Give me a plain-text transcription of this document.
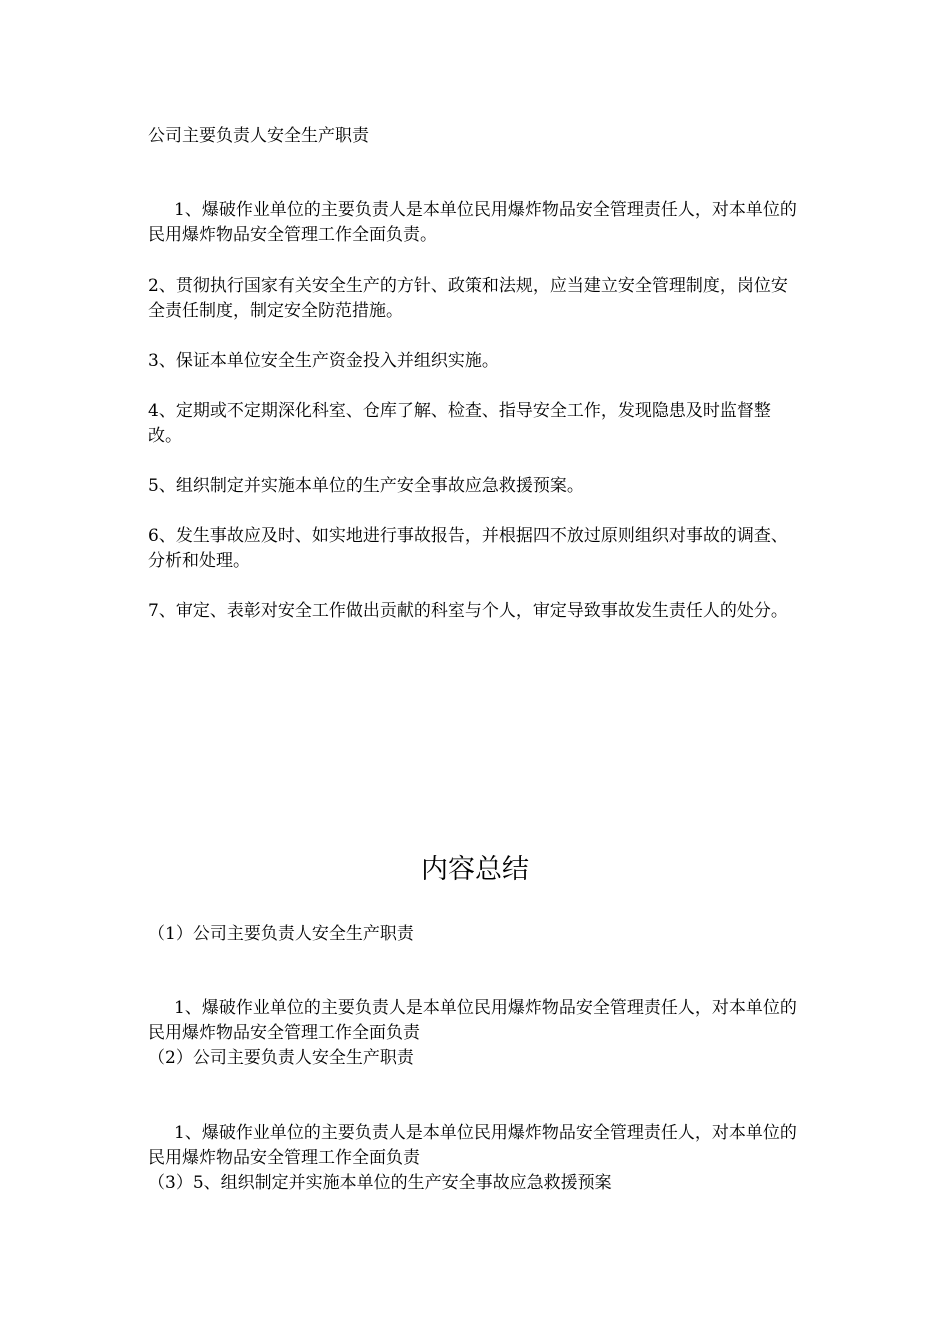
公司主要负责人安全生产职责
1、爆破作业单位的主要负责人是本单位民用爆炸物品安全管理责任人，对本单位的民用爆炸物品安全管理工作全面负责。
2、贯彻执行国家有关安全生产的方针、政策和法规，应当建立安全管理制度，岗位安全责任制度，制定安全防范措施。
3、保证本单位安全生产资金投入并组织实施。
4、定期或不定期深化科室、仓库了解、检查、指导安全工作，发现隐患及时监督整改。
5、组织制定并实施本单位的生产安全事故应急救援预案。
6、发生事故应及时、如实地进行事故报告，并根据四不放过原则组织对事故的调查、分析和处理。
7、审定、表彰对安全工作做出贡献的科室与个人，审定导致事故发生责任人的处分。
内容总结
（1）公司主要负责人安全生产职责
1、爆破作业单位的主要负责人是本单位民用爆炸物品安全管理责任人，对本单位的民用爆炸物品安全管理工作全面负责
（2）公司主要负责人安全生产职责
1、爆破作业单位的主要负责人是本单位民用爆炸物品安全管理责任人，对本单位的民用爆炸物品安全管理工作全面负责
（3）5、组织制定并实施本单位的生产安全事故应急救援预案
